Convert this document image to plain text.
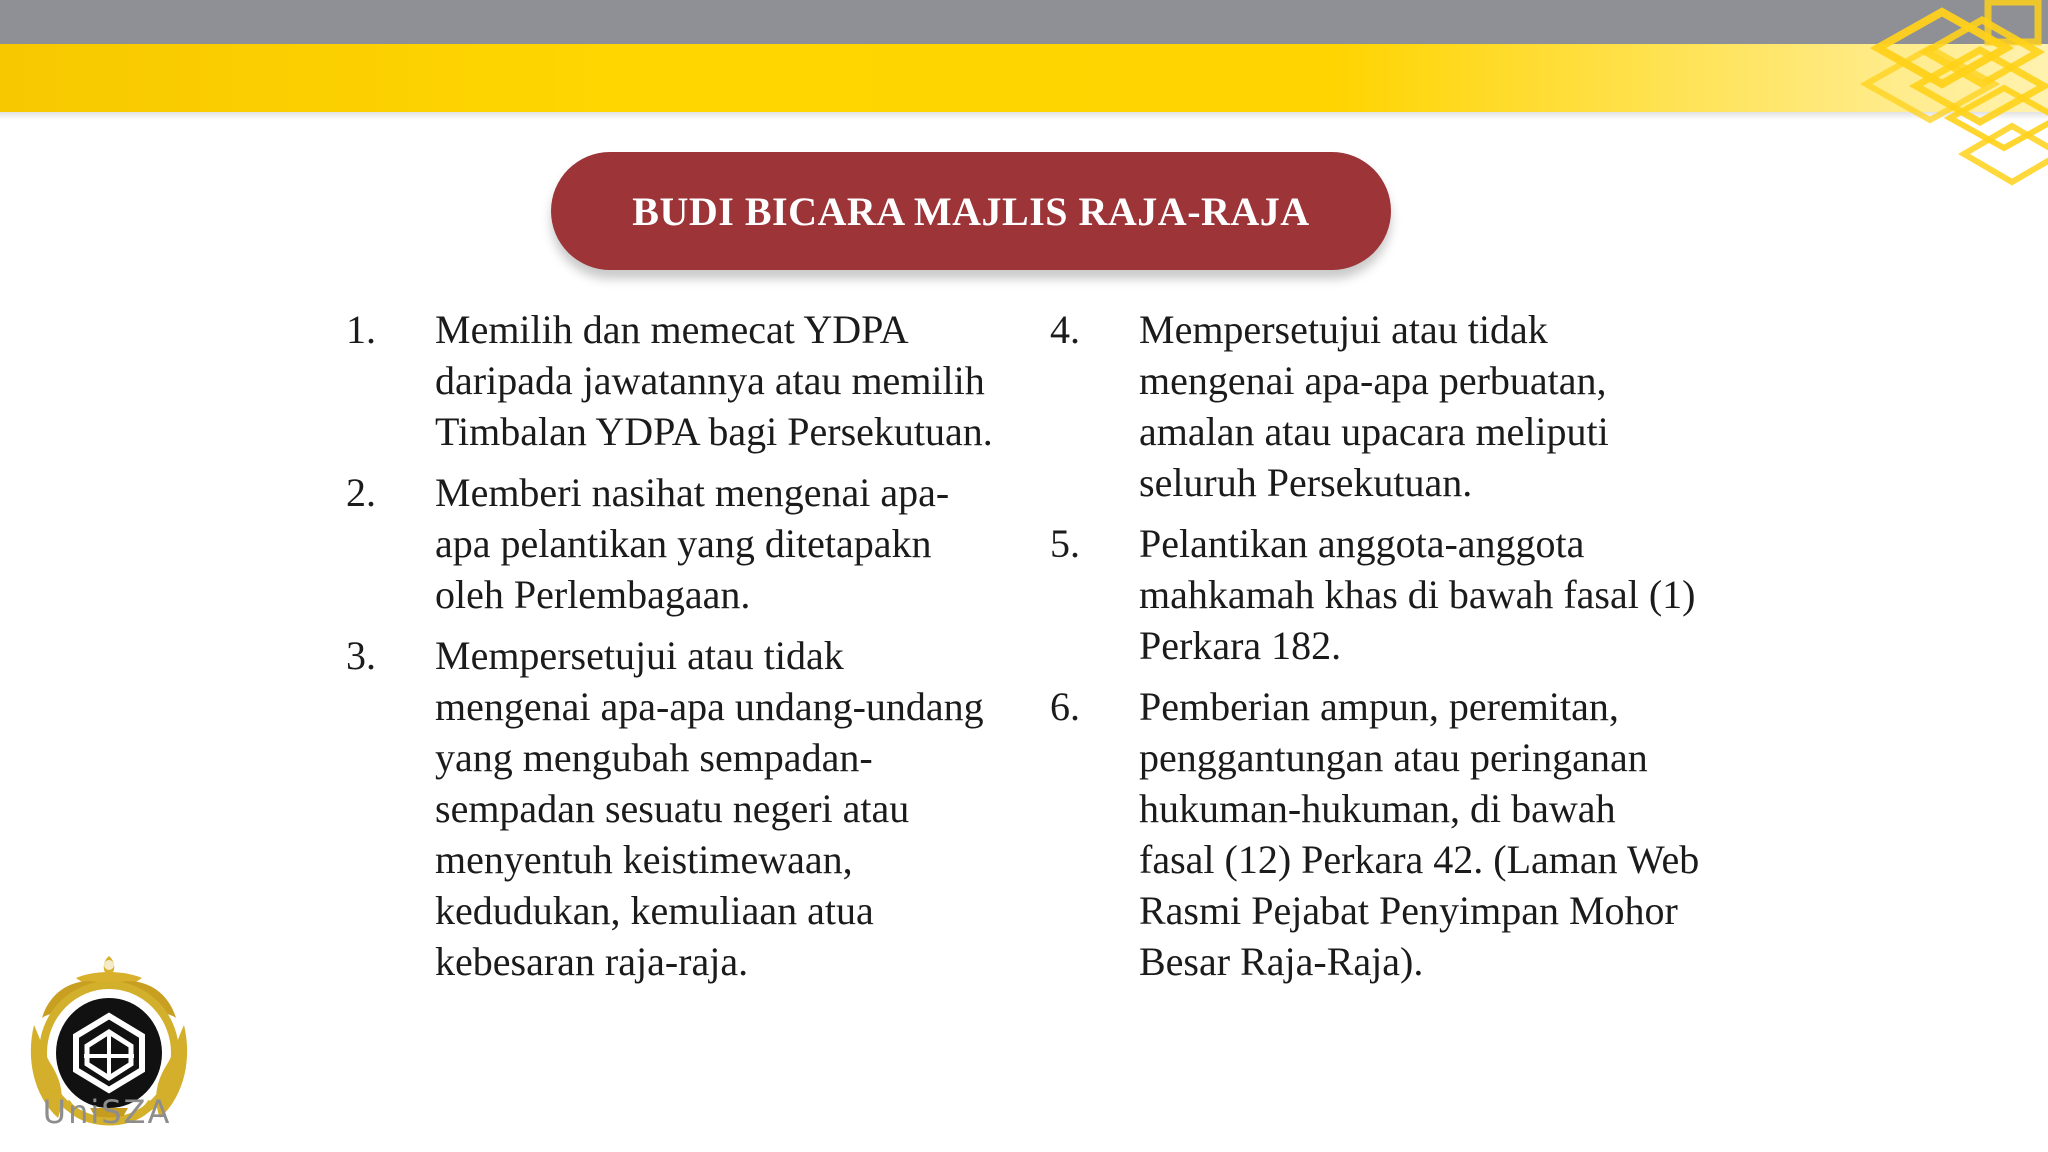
BUDI BICARA MAJLIS RAJA-RAJA
1.	Memilih dan memecat YDPA daripada jawatannya atau memilih Timbalan YDPA bagi Persekutuan.
2.	Memberi nasihat mengenai apa-apa pelantikan yang ditetapakn oleh Perlembagaan.
3.	Mempersetujui atau tidak mengenai apa-apa undang-undang yang mengubah sempadan-sempadan sesuatu negeri atau menyentuh keistimewaan, kedudukan, kemuliaan atua kebesaran raja-raja.
4.	Mempersetujui atau tidak mengenai apa-apa perbuatan, amalan atau upacara meliputi seluruh Persekutuan.
5.	Pelantikan anggota-anggota mahkamah khas di bawah fasal (1) Perkara 182.
6.	Pemberian ampun, peremitan, penggantungan atau peringanan hukuman-hukuman, di bawah fasal (12) Perkara 42. (Laman Web Rasmi Pejabat Penyimpan Mohor Besar Raja-Raja).
UniSZA
